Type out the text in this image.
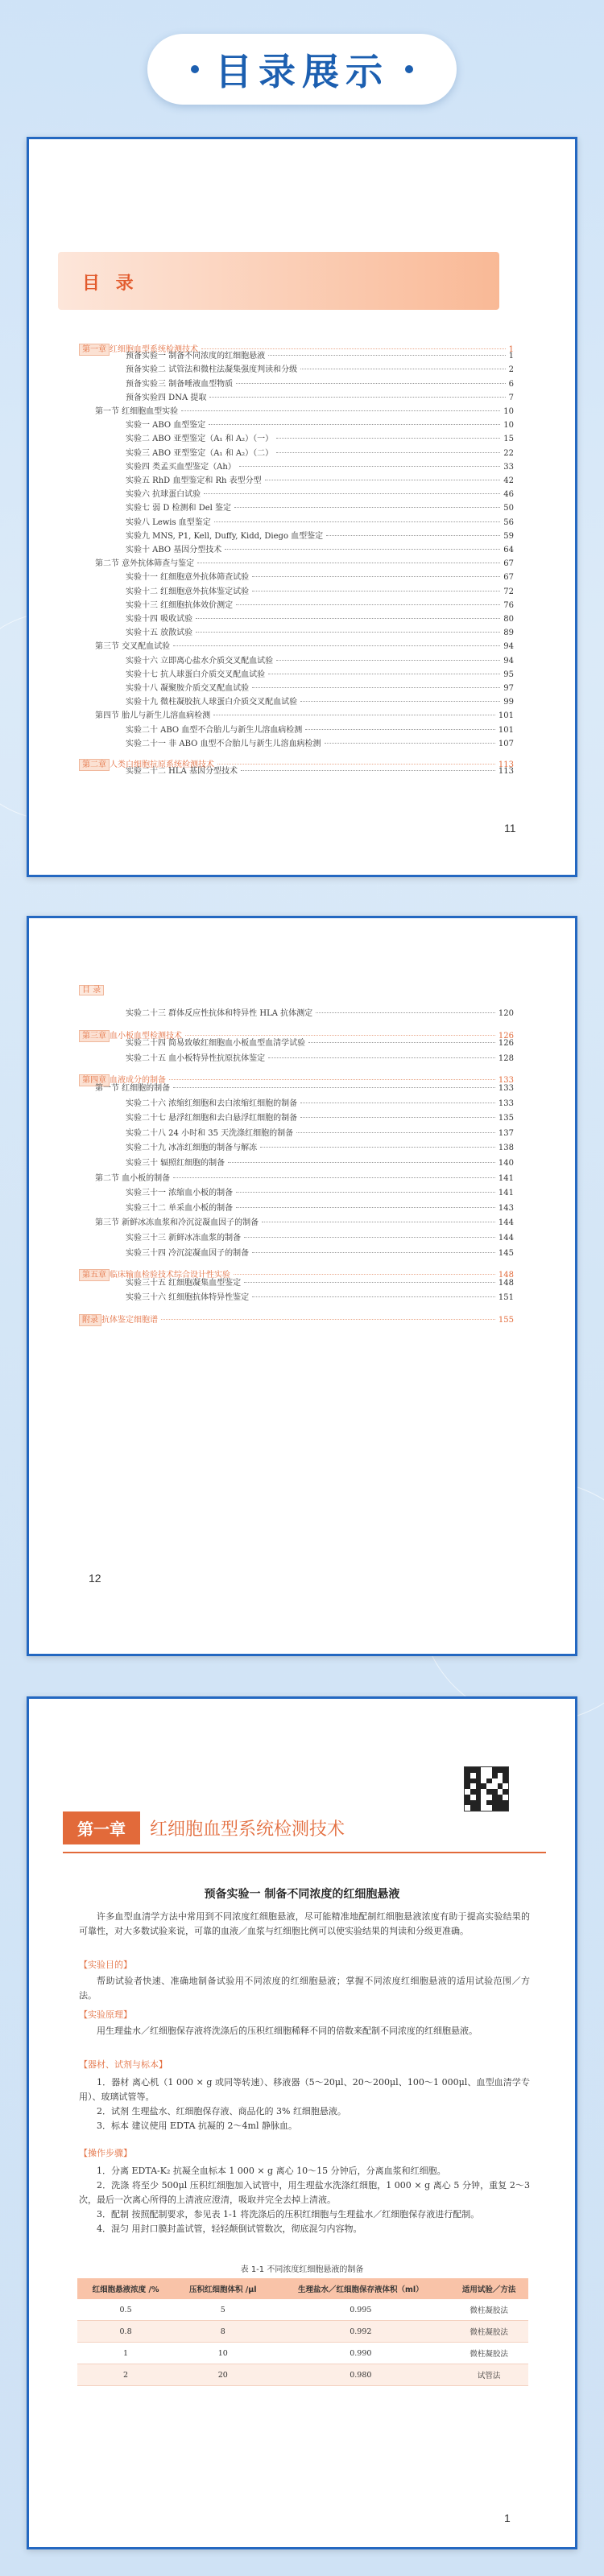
目录展示
目 录
第一章 红细胞血型系统检测技术	1
预备实验一 制备不同浓度的红细胞悬液	1
预备实验二 试管法和微柱法凝集强度判读和分级	2
预备实验三 制备唾液血型物质	6
预备实验四 DNA 提取	7
第一节 红细胞血型实验	10
实验一 ABO 血型鉴定	10
实验二 ABO 亚型鉴定（A₁ 和 A₂）（一）	15
实验三 ABO 亚型鉴定（A₁ 和 A₂）（二）	22
实验四 类孟买血型鉴定（Ah）	33
实验五 RhD 血型鉴定和 Rh 表型分型	42
实验六 抗球蛋白试验	46
实验七 弱 D 检测和 Del 鉴定	50
实验八 Lewis 血型鉴定	56
实验九 MNS, P1, Kell, Duffy, Kidd, Diego 血型鉴定	59
实验十 ABO 基因分型技术	64
第二节 意外抗体筛查与鉴定	67
实验十一 红细胞意外抗体筛查试验	67
实验十二 红细胞意外抗体鉴定试验	72
实验十三 红细胞抗体效价测定	76
实验十四 吸收试验	80
实验十五 放散试验	89
第三节 交叉配血试验	94
实验十六 立即离心盐水介质交叉配血试验	94
实验十七 抗人球蛋白介质交叉配血试验	95
实验十八 凝聚胺介质交叉配血试验	97
实验十九 微柱凝胶抗人球蛋白介质交叉配血试验	99
第四节 胎儿与新生儿溶血病检测	101
实验二十 ABO 血型不合胎儿与新生儿溶血病检测	101
实验二十一 非 ABO 血型不合胎儿与新生儿溶血病检测	107
第二章 人类白细胞抗原系统检测技术	113
实验二十二 HLA 基因分型技术	113
11
目 录
实验二十三 群体反应性抗体和特异性 HLA 抗体测定	120
第三章 血小板血型检测技术	126
实验二十四 简易致敏红细胞血小板血型血清学试验	126
实验二十五 血小板特异性抗原抗体鉴定	128
第四章 血液成分的制备	133
第一节 红细胞的制备	133
实验二十六 浓缩红细胞和去白浓缩红细胞的制备	133
实验二十七 悬浮红细胞和去白悬浮红细胞的制备	135
实验二十八 24 小时和 35 天洗涤红细胞的制备	137
实验二十九 冰冻红细胞的制备与解冻	138
实验三十 辐照红细胞的制备	140
第二节 血小板的制备	141
实验三十一 浓缩血小板的制备	141
实验三十二 单采血小板的制备	143
第三节 新鲜冰冻血浆和冷沉淀凝血因子的制备	144
实验三十三 新鲜冰冻血浆的制备	144
实验三十四 冷沉淀凝血因子的制备	145
第五章 临床输血检验技术综合设计性实验	148
实验三十五 红细胞凝集血型鉴定	148
实验三十六 红细胞抗体特异性鉴定	151
附录 抗体鉴定细胞谱	155
12
第一章	红细胞血型系统检测技术
预备实验一 制备不同浓度的红细胞悬液
许多血型血清学方法中常用到不同浓度红细胞悬液，尽可能精准地配制红细胞悬液浓度有助于提高实验结果的可靠性，对大多数试验来说，可靠的血液／血浆与红细胞比例可以使实验结果的判读和分级更准确。
【实验目的】
帮助试验者快速、准确地制备试验用不同浓度的红细胞悬液；掌握不同浓度红细胞悬液的适用试验范围／方法。
【实验原理】
用生理盐水／红细胞保存液将洗涤后的压积红细胞稀释不同的倍数来配制不同浓度的红细胞悬液。
【器材、试剂与标本】
1．器材 离心机（1 000 × g 或同等转速）、移液器（5～20μl、20～200μl、100～1 000μl、血型血清学专用）、玻璃试管等。
2．试剂 生理盐水、红细胞保存液、商品化的 3% 红细胞悬液。
3．标本 建议使用 EDTA 抗凝的 2～4ml 静脉血。
【操作步骤】
1．分离 EDTA-K₂ 抗凝全血标本 1 000 × g 离心 10～15 分钟后，分离血浆和红细胞。
2．洗涤 将至少 500μl 压积红细胞加入试管中，用生理盐水洗涤红细胞，1 000 × g 离心 5 分钟，重复 2～3 次，最后一次离心所得的上清液应澄清，吸取并完全去掉上清液。
3．配制 按照配制要求，参见表 1-1 将洗涤后的压积红细胞与生理盐水／红细胞保存液进行配制。
4．混匀 用封口膜封盖试管，轻轻颠倒试管数次，彻底混匀内容物。
表 1-1 不同浓度红细胞悬液的制备
红细胞悬液浓度 /%	压积红细胞体积 /μl	生理盐水／红细胞保存液体积（ml）	适用试验／方法
0.5	5	0.995	微柱凝胶法
0.8	8	0.992	微柱凝胶法
1	10	0.990	微柱凝胶法
2	20	0.980	试管法
1
